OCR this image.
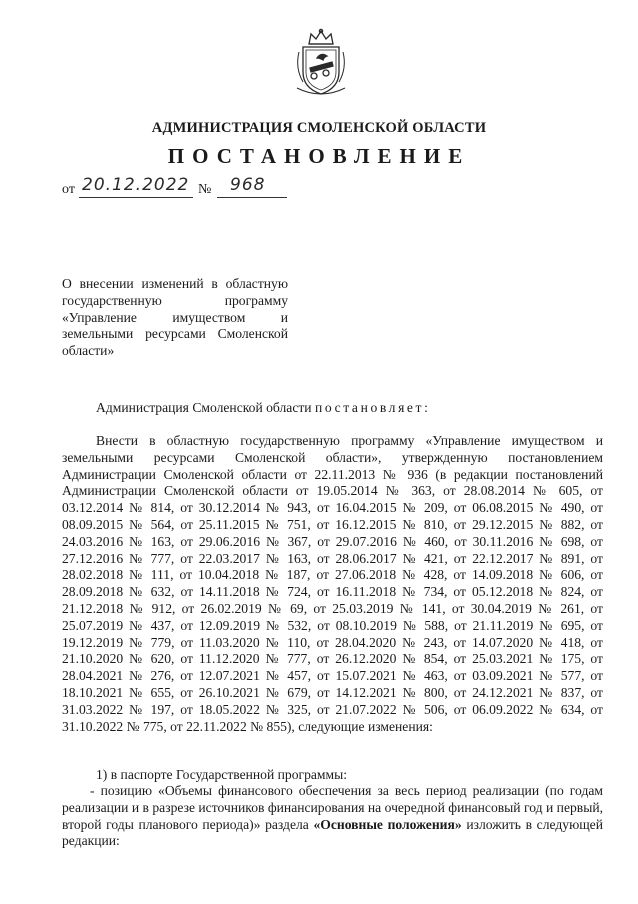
АДМИНИСТРАЦИЯ СМОЛЕНСКОЙ ОБЛАСТИ
ПОСТАНОВЛЕНИЕ
от 20.12.2022 № 968
О внесении изменений в областную государственную программу «Управление имуществом и земельными ресурсами Смоленской области»
Администрация Смоленской области постановляет:
Внести в областную государственную программу «Управление имуществом и земельными ресурсами Смоленской области», утвержденную постановлением Администрации Смоленской области от 22.11.2013 № 936 (в редакции постановлений Администрации Смоленской области от 19.05.2014 № 363, от 28.08.2014 № 605, от 03.12.2014 № 814, от 30.12.2014 № 943, от 16.04.2015 № 209, от 06.08.2015 № 490, от 08.09.2015 № 564, от 25.11.2015 № 751, от 16.12.2015 № 810, от 29.12.2015 № 882, от 24.03.2016 № 163, от 29.06.2016 № 367, от 29.07.2016 № 460, от 30.11.2016 № 698, от 27.12.2016 № 777, от 22.03.2017 № 163, от 28.06.2017 № 421, от 22.12.2017 № 891, от 28.02.2018 № 111, от 10.04.2018 № 187, от 27.06.2018 № 428, от 14.09.2018 № 606, от 28.09.2018 № 632, от 14.11.2018 № 724, от 16.11.2018 № 734, от 05.12.2018 № 824, от 21.12.2018 № 912, от 26.02.2019 № 69, от 25.03.2019 № 141, от 30.04.2019 № 261, от 25.07.2019 № 437, от 12.09.2019 № 532, от 08.10.2019 № 588, от 21.11.2019 № 695, от 19.12.2019 № 779, от 11.03.2020 № 110, от 28.04.2020 № 243, от 14.07.2020 № 418, от 21.10.2020 № 620, от 11.12.2020 № 777, от 26.12.2020 № 854, от 25.03.2021 № 175, от 28.04.2021 № 276, от 12.07.2021 № 457, от 15.07.2021 № 463, от 03.09.2021 № 577, от 18.10.2021 № 655, от 26.10.2021 № 679, от 14.12.2021 № 800, от 24.12.2021 № 837, от 31.03.2022 № 197, от 18.05.2022 № 325, от 21.07.2022 № 506, от 06.09.2022 № 634, от 31.10.2022 № 775, от 22.11.2022 № 855), следующие изменения:
1) в паспорте Государственной программы:
- позицию «Объемы финансового обеспечения за весь период реализации (по годам реализации и в разрезе источников финансирования на очередной финансовый год и первый, второй годы планового периода)» раздела «Основные положения» изложить в следующей редакции:
